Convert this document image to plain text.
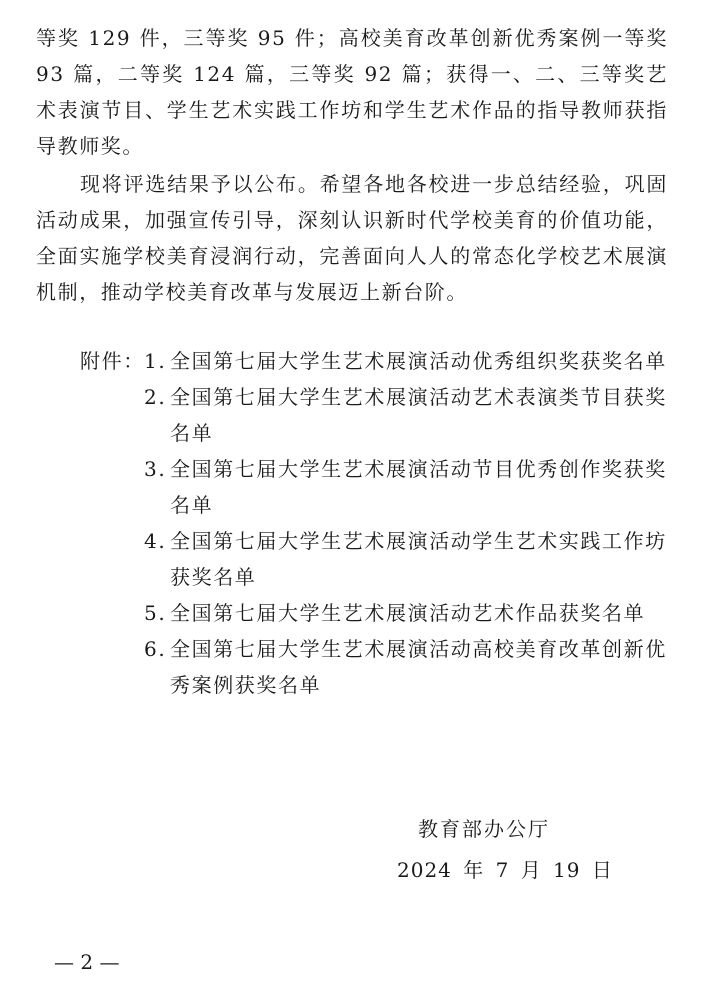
等奖 129 件，三等奖 95 件；高校美育改革创新优秀案例一等奖 93 篇，二等奖 124 篇，三等奖 92 篇；获得一、二、三等奖艺术表演节目、学生艺术实践工作坊和学生艺术作品的指导教师获指导教师奖。
现将评选结果予以公布。希望各地各校进一步总结经验，巩固活动成果，加强宣传引导，深刻认识新时代学校美育的价值功能，全面实施学校美育浸润行动，完善面向人人的常态化学校艺术展演机制，推动学校美育改革与发展迈上新台阶。
附件： 1. 全国第七届大学生艺术展演活动优秀组织奖获奖名单
2. 全国第七届大学生艺术展演活动艺术表演类节目获奖名单
3. 全国第七届大学生艺术展演活动节目优秀创作奖获奖名单
4. 全国第七届大学生艺术展演活动学生艺术实践工作坊获奖名单
5. 全国第七届大学生艺术展演活动艺术作品获奖名单
6. 全国第七届大学生艺术展演活动高校美育改革创新优秀案例获奖名单
教育部办公厅
2024 年 7 月 19 日
— 2 —
